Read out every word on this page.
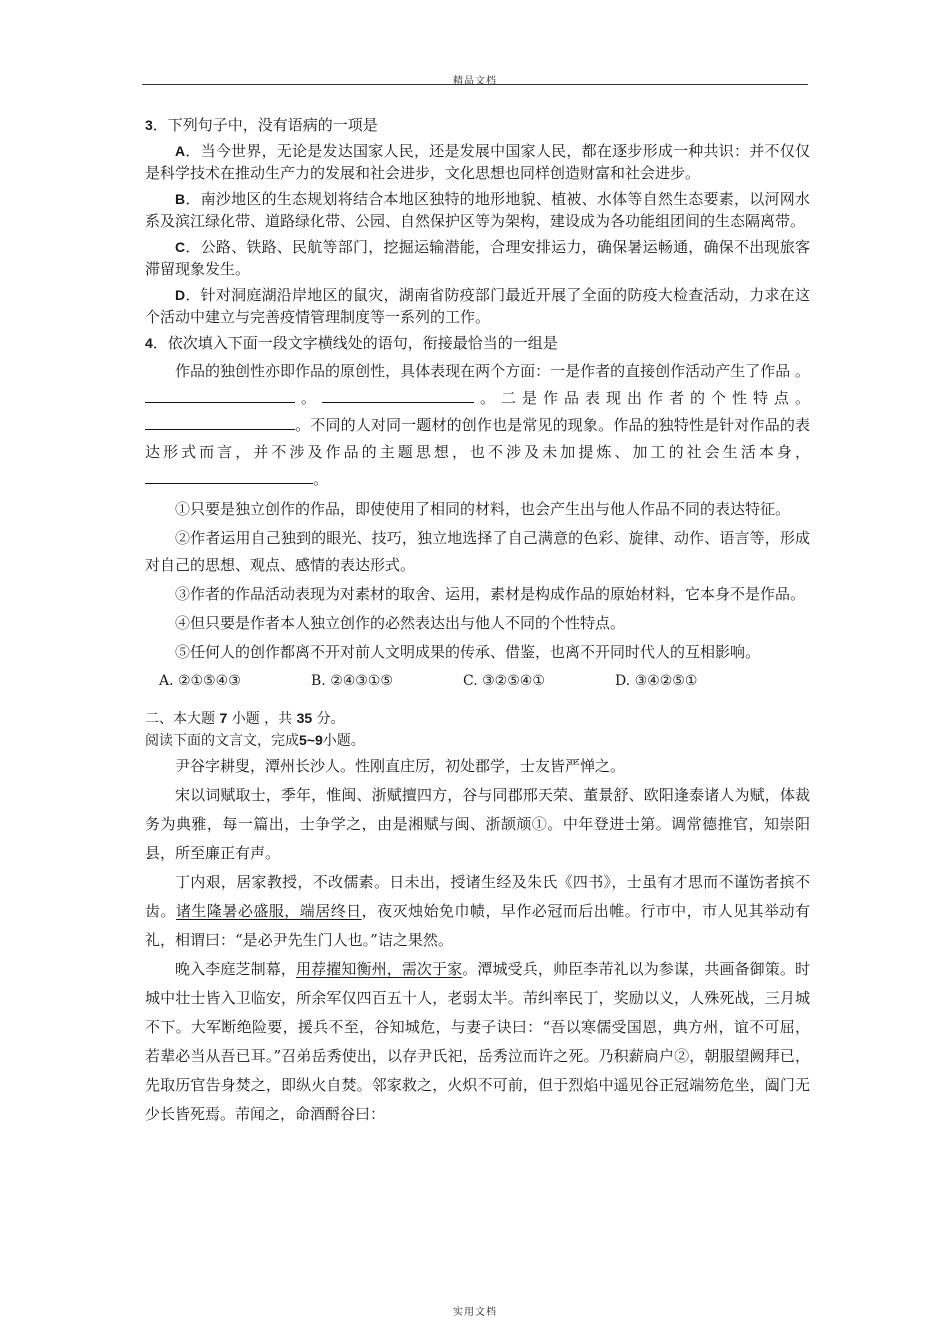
精品文档

3．下列句子中，没有语病的一项是

A．当今世界，无论是发达国家人民，还是发展中国家人民，都在逐步形成一种共识：并不仅仅是科学技术在推动生产力的发展和社会进步，文化思想也同样创造财富和社会进步。

B．南沙地区的生态规划将结合本地区独特的地形地貌、植被、水体等自然生态要素，以河网水系及滨江绿化带、道路绿化带、公园、自然保护区等为架构，建设成为各功能组团间的生态隔离带。

C．公路、铁路、民航等部门，挖掘运输潜能，合理安排运力，确保暑运畅通，确保不出现旅客滞留现象发生。

D．针对洞庭湖沿岸地区的鼠灾，湖南省防疫部门最近开展了全面的防疫大检查活动，力求在这个活动中建立与完善疫情管理制度等一系列的工作。

4．依次填入下面一段文字横线处的语句，衔接最恰当的一组是

作品的独创性亦即作品的原创性，具体表现在两个方面：一是作者的直接创作活动产生了作品 。。	。二是作品表现出作者的个性特点。。不同的人对同一题材的创作也是常见的现象。作品的独特性是针对作品的表达形式而言，并不涉及作品的主题思想，也不涉及未加提炼、加工的社会生活本身，。

①只要是独立创作的作品，即使使用了相同的材料，也会产生出与他人作品不同的表达特征。

②作者运用自己独到的眼光、技巧，独立地选择了自己满意的色彩、旋律、动作、语言等，形成对自己的思想、观点、感情的表达形式。

③作者的作品活动表现为对素材的取舍、运用，素材是构成作品的原始材料，它本身不是作品。

④但只要是作者本人独立创作的必然表达出与他人不同的个性特点。

⑤任何人的创作都离不开对前人文明成果的传承、借鉴，也离不开同时代人的互相影响。

A. ②①⑤④③	B. ②④③①⑤	C. ③②⑤④①	D. ③④②⑤①

二、本大题 7 小题 ，共 35 分。

阅读下面的文言文，完成5~9小题。

尹谷字耕叟，潭州长沙人。性刚直庄厉，初处郡学，士友皆严惮之。

宋以词赋取士，季年，惟闽、浙赋擅四方，谷与同郡邢天荣、董景舒、欧阳逢泰诸人为赋，体裁务为典雅，每一篇出，士争学之，由是湘赋与闽、浙颉颃①。中年登进士第。调常德推官，知崇阳县，所至廉正有声。

丁内艰，居家教授，不改儒素。日未出，授诸生经及朱氏《四书》，士虽有才思而不谨饬者摈不齿。诸生隆暑必盛服，端居终日，夜灭烛始免巾帻，早作必冠而后出帷。行市中，市人见其举动有礼，相谓曰：“是必尹先生门人也。”诘之果然。

晚入李庭芝制幕，用荐擢知衡州，需次于家。潭城受兵，帅臣李芾礼以为参谋，共画备御策。时城中壮士皆入卫临安，所余军仅四百五十人，老弱太半。芾纠率民丁，奖励以义，人殊死战，三月城不下。大军断绝险要，援兵不至，谷知城危，与妻子诀曰：“吾以寒儒受国恩，典方州，谊不可屈，若辈必当从吾已耳。”召弟岳秀使出，以存尹氏祀，岳秀泣而许之死。乃积薪扃户②，朝服望阙拜已，先取历官告身焚之，即纵火自焚。邻家救之，火炽不可前，但于烈焰中遥见谷正冠端笏危坐，阖门无少长皆死焉。芾闻之，命酒酹谷曰：

实用文档
